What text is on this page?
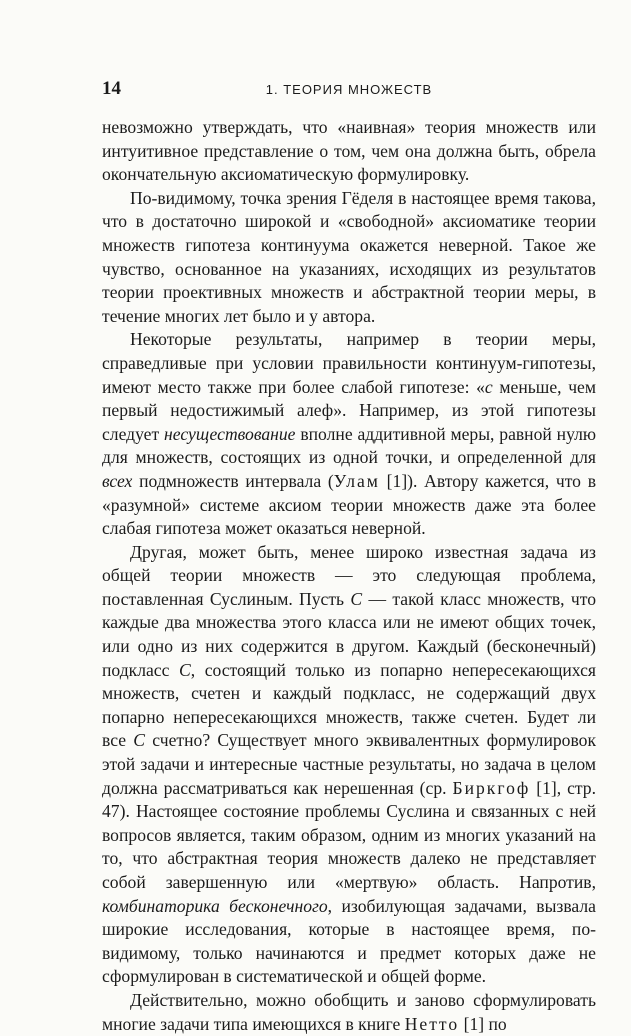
14	1. ТЕОРИЯ МНОЖЕСТВ

невозможно утверждать, что «наивная» теория множеств или интуитивное представление о том, чем она должна быть, обрела окончательную аксиоматическую формулировку.

По-видимому, точка зрения Гёделя в настоящее время такова, что в достаточно широкой и «свободной» аксиоматике теории множеств гипотеза континуума окажется неверной. Такое же чувство, основанное на указаниях, исходящих из результатов теории проективных множеств и абстрактной теории меры, в течение многих лет было и у автора.

Некоторые результаты, например в теории меры, справедливые при условии правильности континуум-гипотезы, имеют место также при более слабой гипотезе: «c меньше, чем первый недостижимый алеф». Например, из этой гипотезы следует несуществование вполне аддитивной меры, равной нулю для множеств, состоящих из одной точки, и определенной для всех подмножеств интервала (Улам [1]). Автору кажется, что в «разумной» системе аксиом теории множеств даже эта более слабая гипотеза может оказаться неверной.

Другая, может быть, менее широко известная задача из общей теории множеств — это следующая проблема, поставленная Суслиным. Пусть C — такой класс множеств, что каждые два множества этого класса или не имеют общих точек, или одно из них содержится в другом. Каждый (бесконечный) подкласс C, состоящий только из попарно непересекающихся множеств, счетен и каждый подкласс, не содержащий двух попарно непересекающихся множеств, также счетен. Будет ли все C счетно? Существует много эквивалентных формулировок этой задачи и интересные частные результаты, но задача в целом должна рассматриваться как нерешенная (ср. Биркгоф [1], стр. 47). Настоящее состояние проблемы Суслина и связанных с ней вопросов является, таким образом, одним из многих указаний на то, что абстрактная теория множеств далеко не представляет собой завершенную или «мертвую» область. Напротив, комбинаторика бесконечного, изобилующая задачами, вызвала широкие исследования, которые в настоящее время, по-видимому, только начинаются и предмет которых даже не сформулирован в систематической и общей форме.

Действительно, можно обобщить и заново сформулировать многие задачи типа имеющихся в книге Нетто [1] по
